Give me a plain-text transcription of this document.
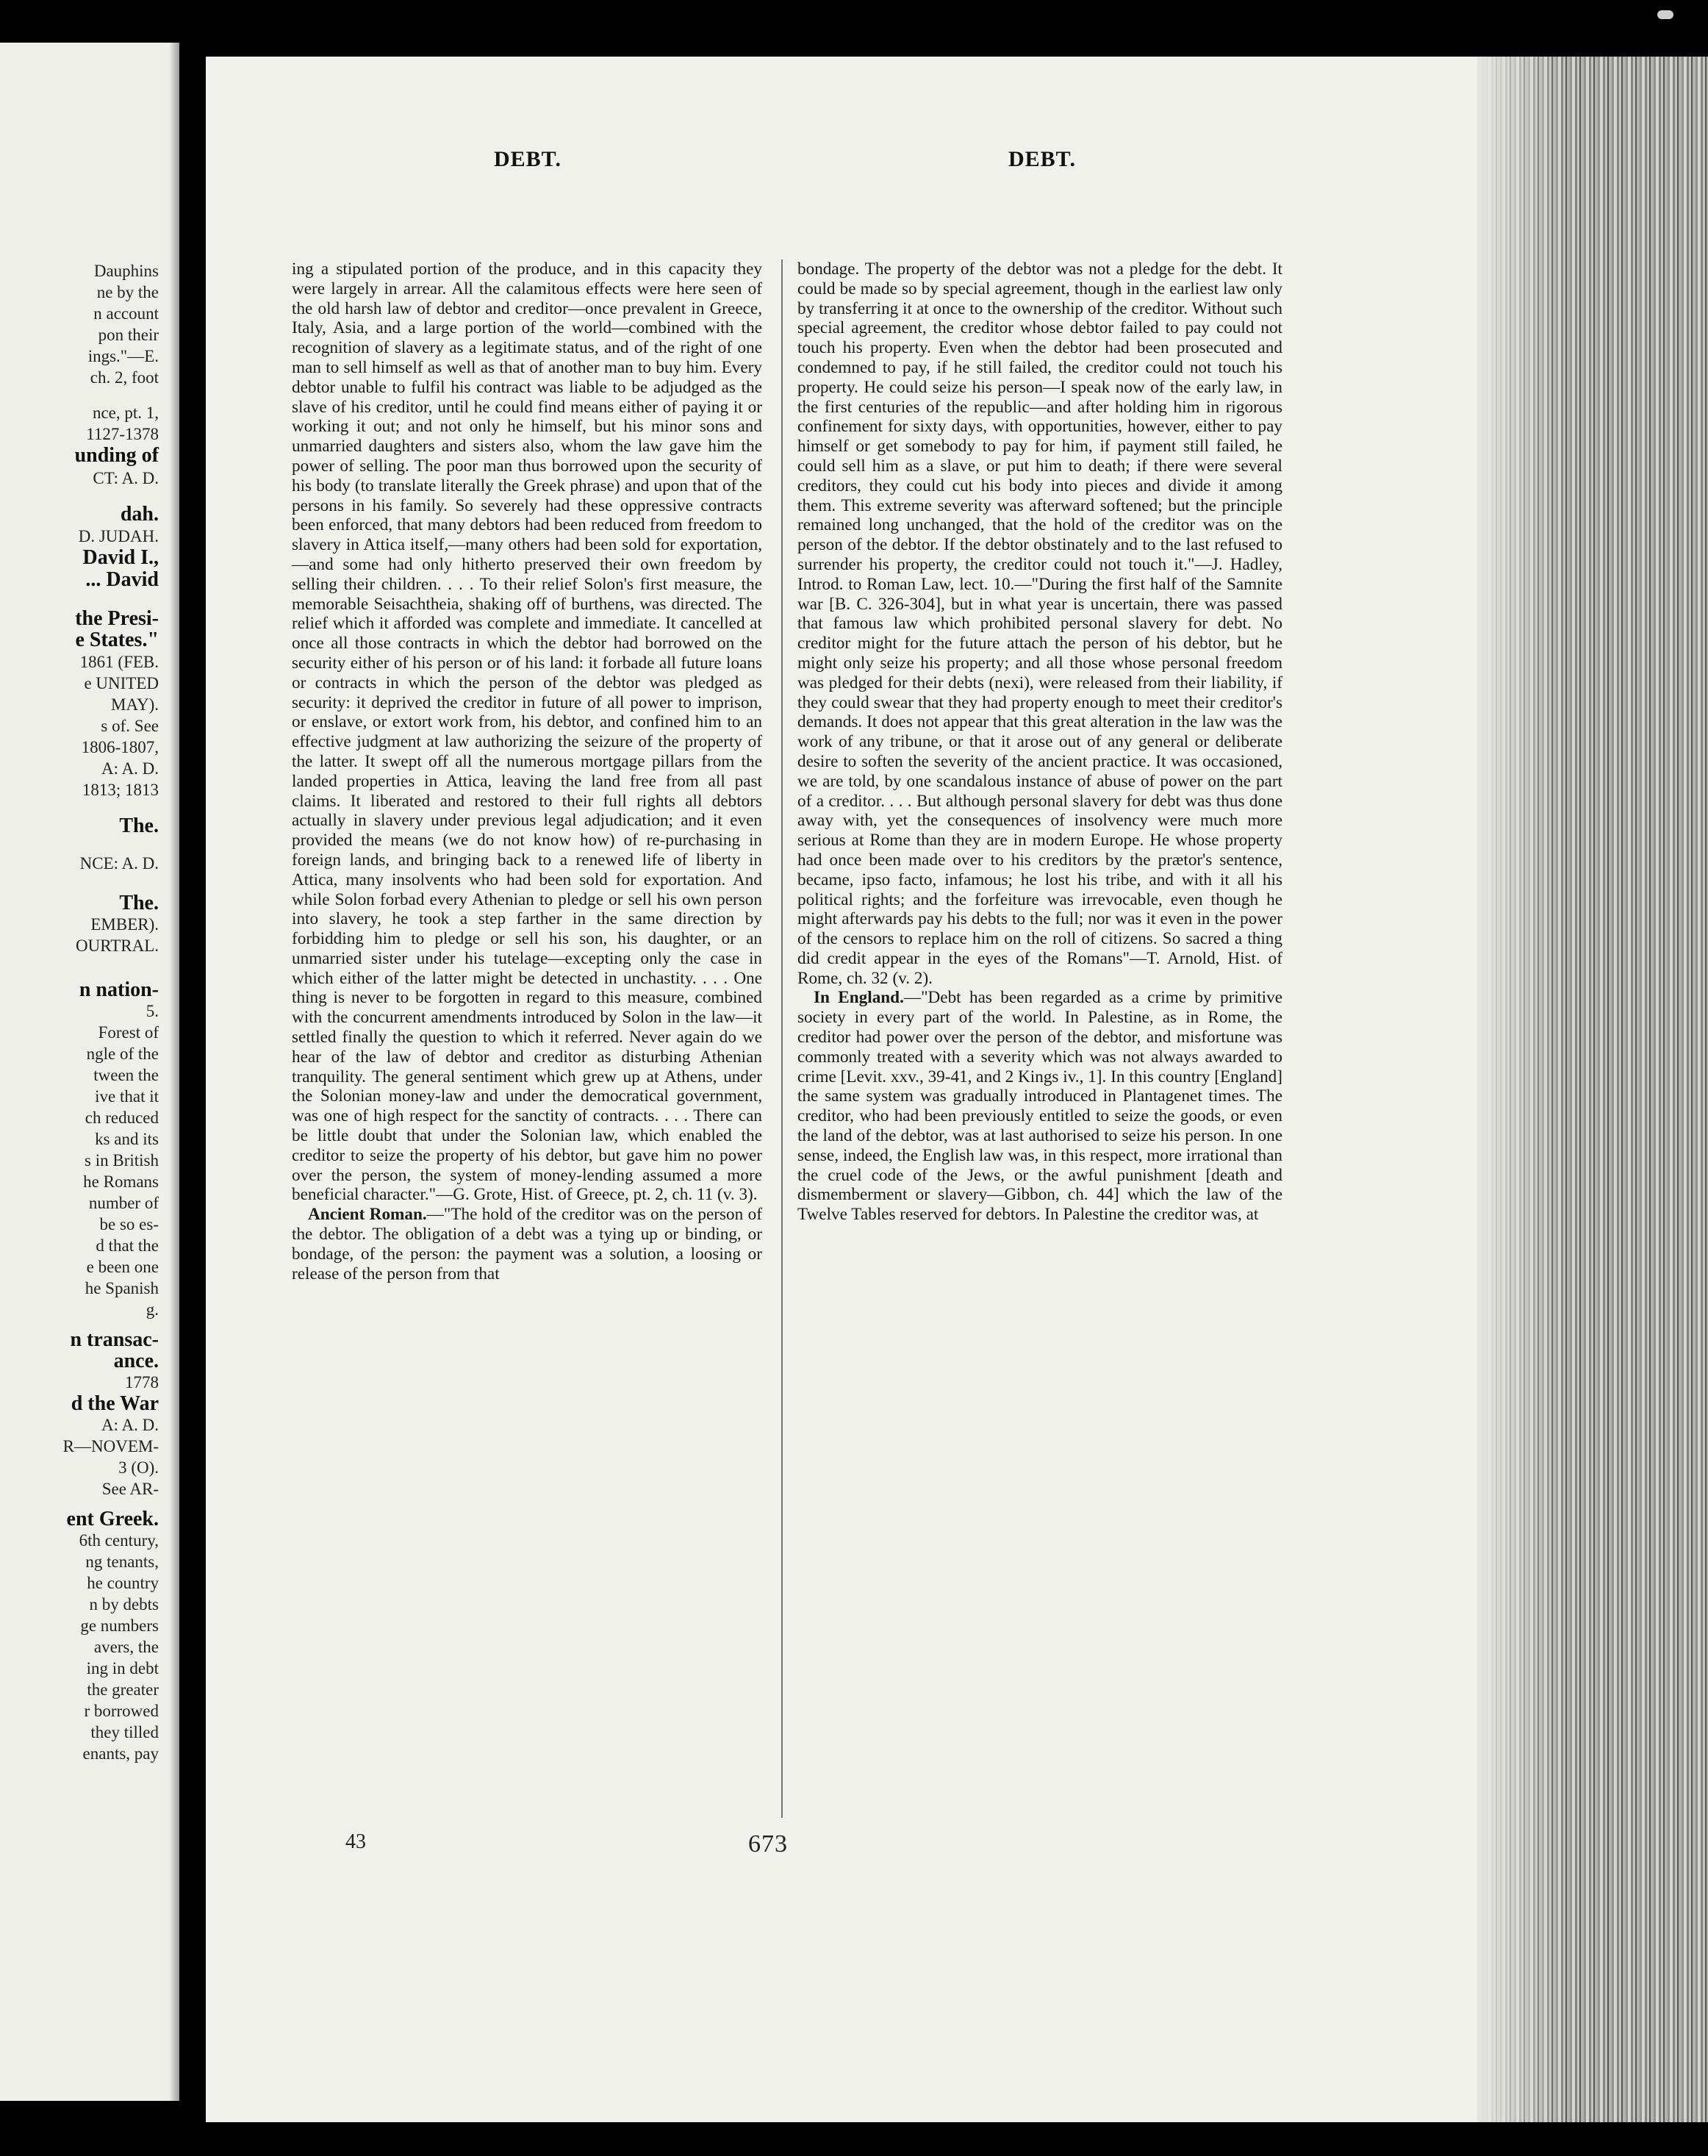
Dauphins
ne by the
n account
pon their
ings."—E.
ch. 2, foot
nce, pt. 1,
1127-1378
unding of
CT: A. D.
dah.
D. JUDAH.
David I.,
... David
the Presi-
e States."
1861 (FEB.
e UNITED
MAY).
s of. See
1806-1807,
A: A. D.
1813; 1813
The.
NCE: A. D.
The.
EMBER).
OURTRAL.
n nation-
5.
Forest of
ngle of the
tween the
ive that it
ch reduced
ks and its
s in British
he Romans
number of
be so es-
d that the
e been one
he Spanish
g.
n transac-
ance.
1778
d the War
A: A. D.
R—NOVEM-
3 (O).
See AR-
ent Greek.
6th century,
ng tenants,
he country
n by debts
ge numbers
avers, the
ing in debt
the greater
r borrowed
they tilled
enants, pay
DEBT.	DEBT.

ing a stipulated portion of the produce, and in this capacity they were largely in arrear. All the calamitous effects were here seen of the old harsh law of debtor and creditor—once prevalent in Greece, Italy, Asia, and a large portion of the world—combined with the recognition of slavery as a legitimate status, and of the right of one man to sell himself as well as that of another man to buy him. Every debtor unable to fulfil his contract was liable to be adjudged as the slave of his creditor, until he could find means either of paying it or working it out; and not only he himself, but his minor sons and unmarried daughters and sisters also, whom the law gave him the power of selling. The poor man thus borrowed upon the security of his body (to translate literally the Greek phrase) and upon that of the persons in his family. So severely had these oppressive contracts been enforced, that many debtors had been reduced from freedom to slavery in Attica itself,—many others had been sold for exportation,—and some had only hitherto preserved their own freedom by selling their children. . . . To their relief Solon's first measure, the memorable Seisachtheia, shaking off of burthens, was directed. The relief which it afforded was complete and immediate. It cancelled at once all those contracts in which the debtor had borrowed on the security either of his person or of his land: it forbade all future loans or contracts in which the person of the debtor was pledged as security: it deprived the creditor in future of all power to imprison, or enslave, or extort work from, his debtor, and confined him to an effective judgment at law authorizing the seizure of the property of the latter. It swept off all the numerous mortgage pillars from the landed properties in Attica, leaving the land free from all past claims. It liberated and restored to their full rights all debtors actually in slavery under previous legal adjudication; and it even provided the means (we do not know how) of re-purchasing in foreign lands, and bringing back to a renewed life of liberty in Attica, many insolvents who had been sold for exportation. And while Solon forbad every Athenian to pledge or sell his own person into slavery, he took a step farther in the same direction by forbidding him to pledge or sell his son, his daughter, or an unmarried sister under his tutelage—excepting only the case in which either of the latter might be detected in unchastity. . . . One thing is never to be forgotten in regard to this measure, combined with the concurrent amendments introduced by Solon in the law—it settled finally the question to which it referred. Never again do we hear of the law of debtor and creditor as disturbing Athenian tranquility. The general sentiment which grew up at Athens, under the Solonian money-law and under the democratical government, was one of high respect for the sanctity of contracts. . . . There can be little doubt that under the Solonian law, which enabled the creditor to seize the property of his debtor, but gave him no power over the person, the system of money-lending assumed a more beneficial character."—G. Grote, Hist. of Greece, pt. 2, ch. 11 (v. 3).

Ancient Roman.—"The hold of the creditor was on the person of the debtor. The obligation of a debt was a tying up or binding, or bondage, of the person: the payment was a solution, a loosing or release of the person from that

bondage. The property of the debtor was not a pledge for the debt. It could be made so by special agreement, though in the earliest law only by transferring it at once to the ownership of the creditor. Without such special agreement, the creditor whose debtor failed to pay could not touch his property. Even when the debtor had been prosecuted and condemned to pay, if he still failed, the creditor could not touch his property. He could seize his person—I speak now of the early law, in the first centuries of the republic—and after holding him in rigorous confinement for sixty days, with opportunities, however, either to pay himself or get somebody to pay for him, if payment still failed, he could sell him as a slave, or put him to death; if there were several creditors, they could cut his body into pieces and divide it among them. This extreme severity was afterward softened; but the principle remained long unchanged, that the hold of the creditor was on the person of the debtor. If the debtor obstinately and to the last refused to surrender his property, the creditor could not touch it."—J. Hadley, Introd. to Roman Law, lect. 10.—"During the first half of the Samnite war [B. C. 326-304], but in what year is uncertain, there was passed that famous law which prohibited personal slavery for debt. No creditor might for the future attach the person of his debtor, but he might only seize his property; and all those whose personal freedom was pledged for their debts (nexi), were released from their liability, if they could swear that they had property enough to meet their creditor's demands. It does not appear that this great alteration in the law was the work of any tribune, or that it arose out of any general or deliberate desire to soften the severity of the ancient practice. It was occasioned, we are told, by one scandalous instance of abuse of power on the part of a creditor. . . . But although personal slavery for debt was thus done away with, yet the consequences of insolvency were much more serious at Rome than they are in modern Europe. He whose property had once been made over to his creditors by the prætor's sentence, became, ipso facto, infamous; he lost his tribe, and with it all his political rights; and the forfeiture was irrevocable, even though he might afterwards pay his debts to the full; nor was it even in the power of the censors to replace him on the roll of citizens. So sacred a thing did credit appear in the eyes of the Romans"—T. Arnold, Hist. of Rome, ch. 32 (v. 2).

In England.—"Debt has been regarded as a crime by primitive society in every part of the world. In Palestine, as in Rome, the creditor had power over the person of the debtor, and misfortune was commonly treated with a severity which was not always awarded to crime [Levit. xxv., 39-41, and 2 Kings iv., 1]. In this country [England] the same system was gradually introduced in Plantagenet times. The creditor, who had been previously entitled to seize the goods, or even the land of the debtor, was at last authorised to seize his person. In one sense, indeed, the English law was, in this respect, more irrational than the cruel code of the Jews, or the awful punishment [death and dismemberment or slavery—Gibbon, ch. 44] which the law of the Twelve Tables reserved for debtors. In Palestine the creditor was, at

43	673
